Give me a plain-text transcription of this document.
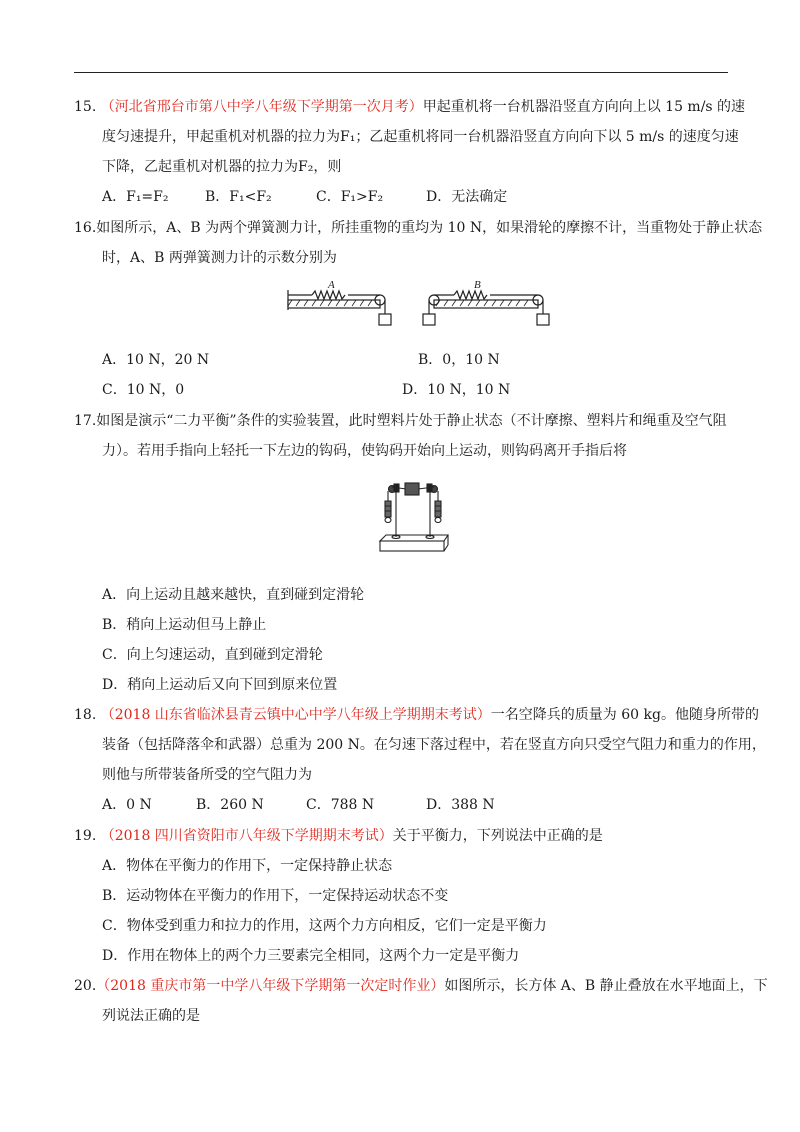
15. （河北省邢台市第八中学八年级下学期第一次月考）甲起重机将一台机器沿竖直方向向上以 15 m/s 的速
度匀速提升，甲起重机对机器的拉力为F₁；乙起重机将同一台机器沿竖直方向向下以 5 m/s 的速度匀速
下降，乙起重机对机器的拉力为F₂，则
A．F₁=F₂	B．F₁<F₂	C．F₁>F₂	D．无法确定
16.如图所示，A、B 为两个弹簧测力计，所挂重物的重均为 10 N，如果滑轮的摩擦不计，当重物处于静止状态
时，A、B 两弹簧测力计的示数分别为
A	B
A．10 N，20 N	B．0，10 N
C．10 N，0	D．10 N，10 N
17.如图是演示“二力平衡”条件的实验装置，此时塑料片处于静止状态（不计摩擦、塑料片和绳重及空气阻
力）。若用手指向上轻托一下左边的钩码，使钩码开始向上运动，则钩码离开手指后将
A．向上运动且越来越快，直到碰到定滑轮
B．稍向上运动但马上静止
C．向上匀速运动，直到碰到定滑轮
D．稍向上运动后又向下回到原来位置
18. （2018 山东省临沭县青云镇中心中学八年级上学期期末考试）一名空降兵的质量为 60 kg。他随身所带的
装备（包括降落伞和武器）总重为 200 N。在匀速下落过程中，若在竖直方向只受空气阻力和重力的作用，
则他与所带装备所受的空气阻力为
A．0 N	B．260 N	C．788 N	D．388 N
19. （2018 四川省资阳市八年级下学期期末考试）关于平衡力，下列说法中正确的是
A．物体在平衡力的作用下，一定保持静止状态
B．运动物体在平衡力的作用下，一定保持运动状态不变
C．物体受到重力和拉力的作用，这两个力方向相反，它们一定是平衡力
D．作用在物体上的两个力三要素完全相同，这两个力一定是平衡力
20.（2018 重庆市第一中学八年级下学期第一次定时作业）如图所示，长方体 A、B 静止叠放在水平地面上，下
列说法正确的是
